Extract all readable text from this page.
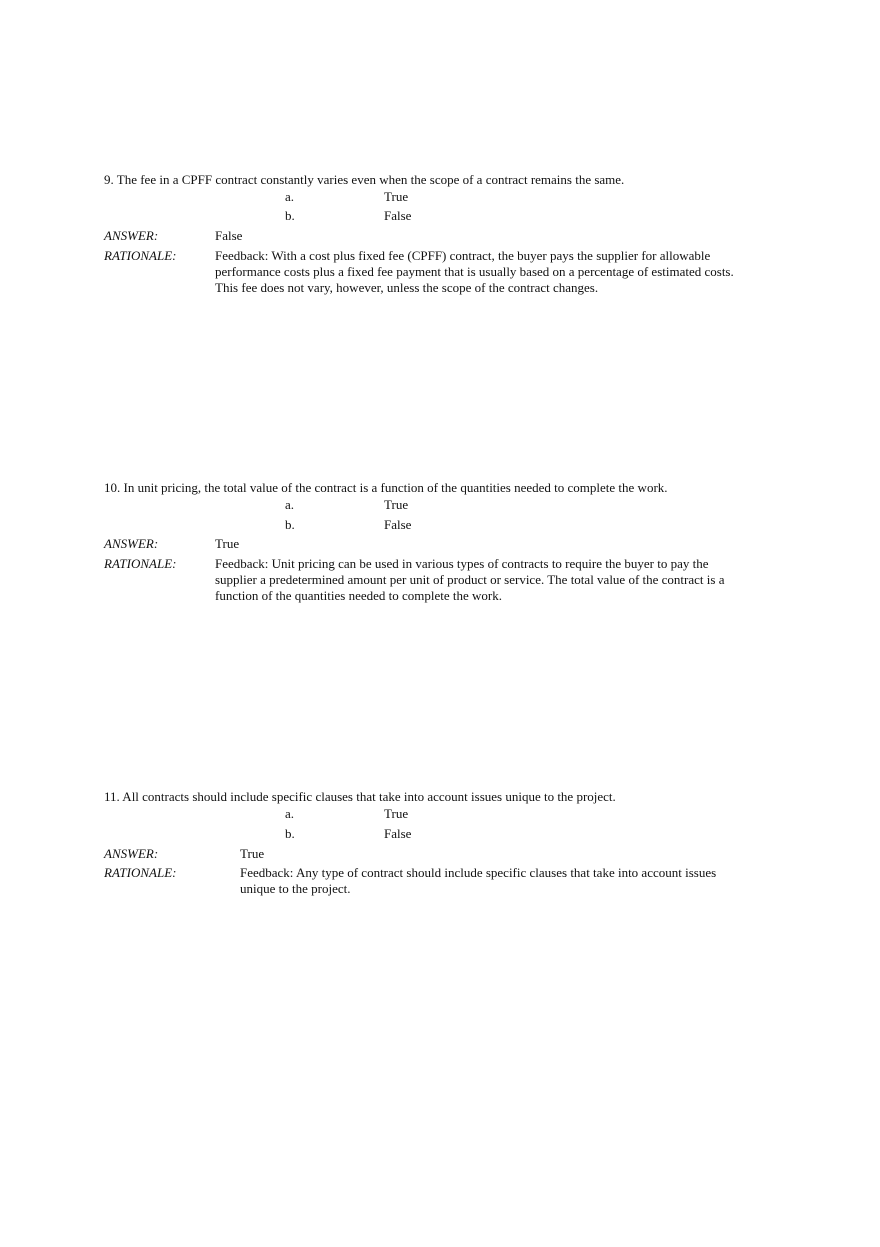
9. The fee in a CPFF contract constantly varies even when the scope of a contract remains the same.
a.	True
b.	False
ANSWER:	False
RATIONALE:	Feedback: With a cost plus fixed fee (CPFF) contract, the buyer pays the supplier for allowable
performance costs plus a fixed fee payment that is usually based on a percentage of estimated costs.
This fee does not vary, however, unless the scope of the contract changes.
10. In unit pricing, the total value of the contract is a function of the quantities needed to complete the work.
a.	True
b.	False
ANSWER:	True
RATIONALE:	Feedback: Unit pricing can be used in various types of contracts to require the buyer to pay the
supplier a predetermined amount per unit of product or service. The total value of the contract is a
function of the quantities needed to complete the work.
11. All contracts should include specific clauses that take into account issues unique to the project.
a.	True
b.	False
ANSWER:	True
RATIONALE:	Feedback: Any type of contract should include specific clauses that take into account issues
unique to the project.
